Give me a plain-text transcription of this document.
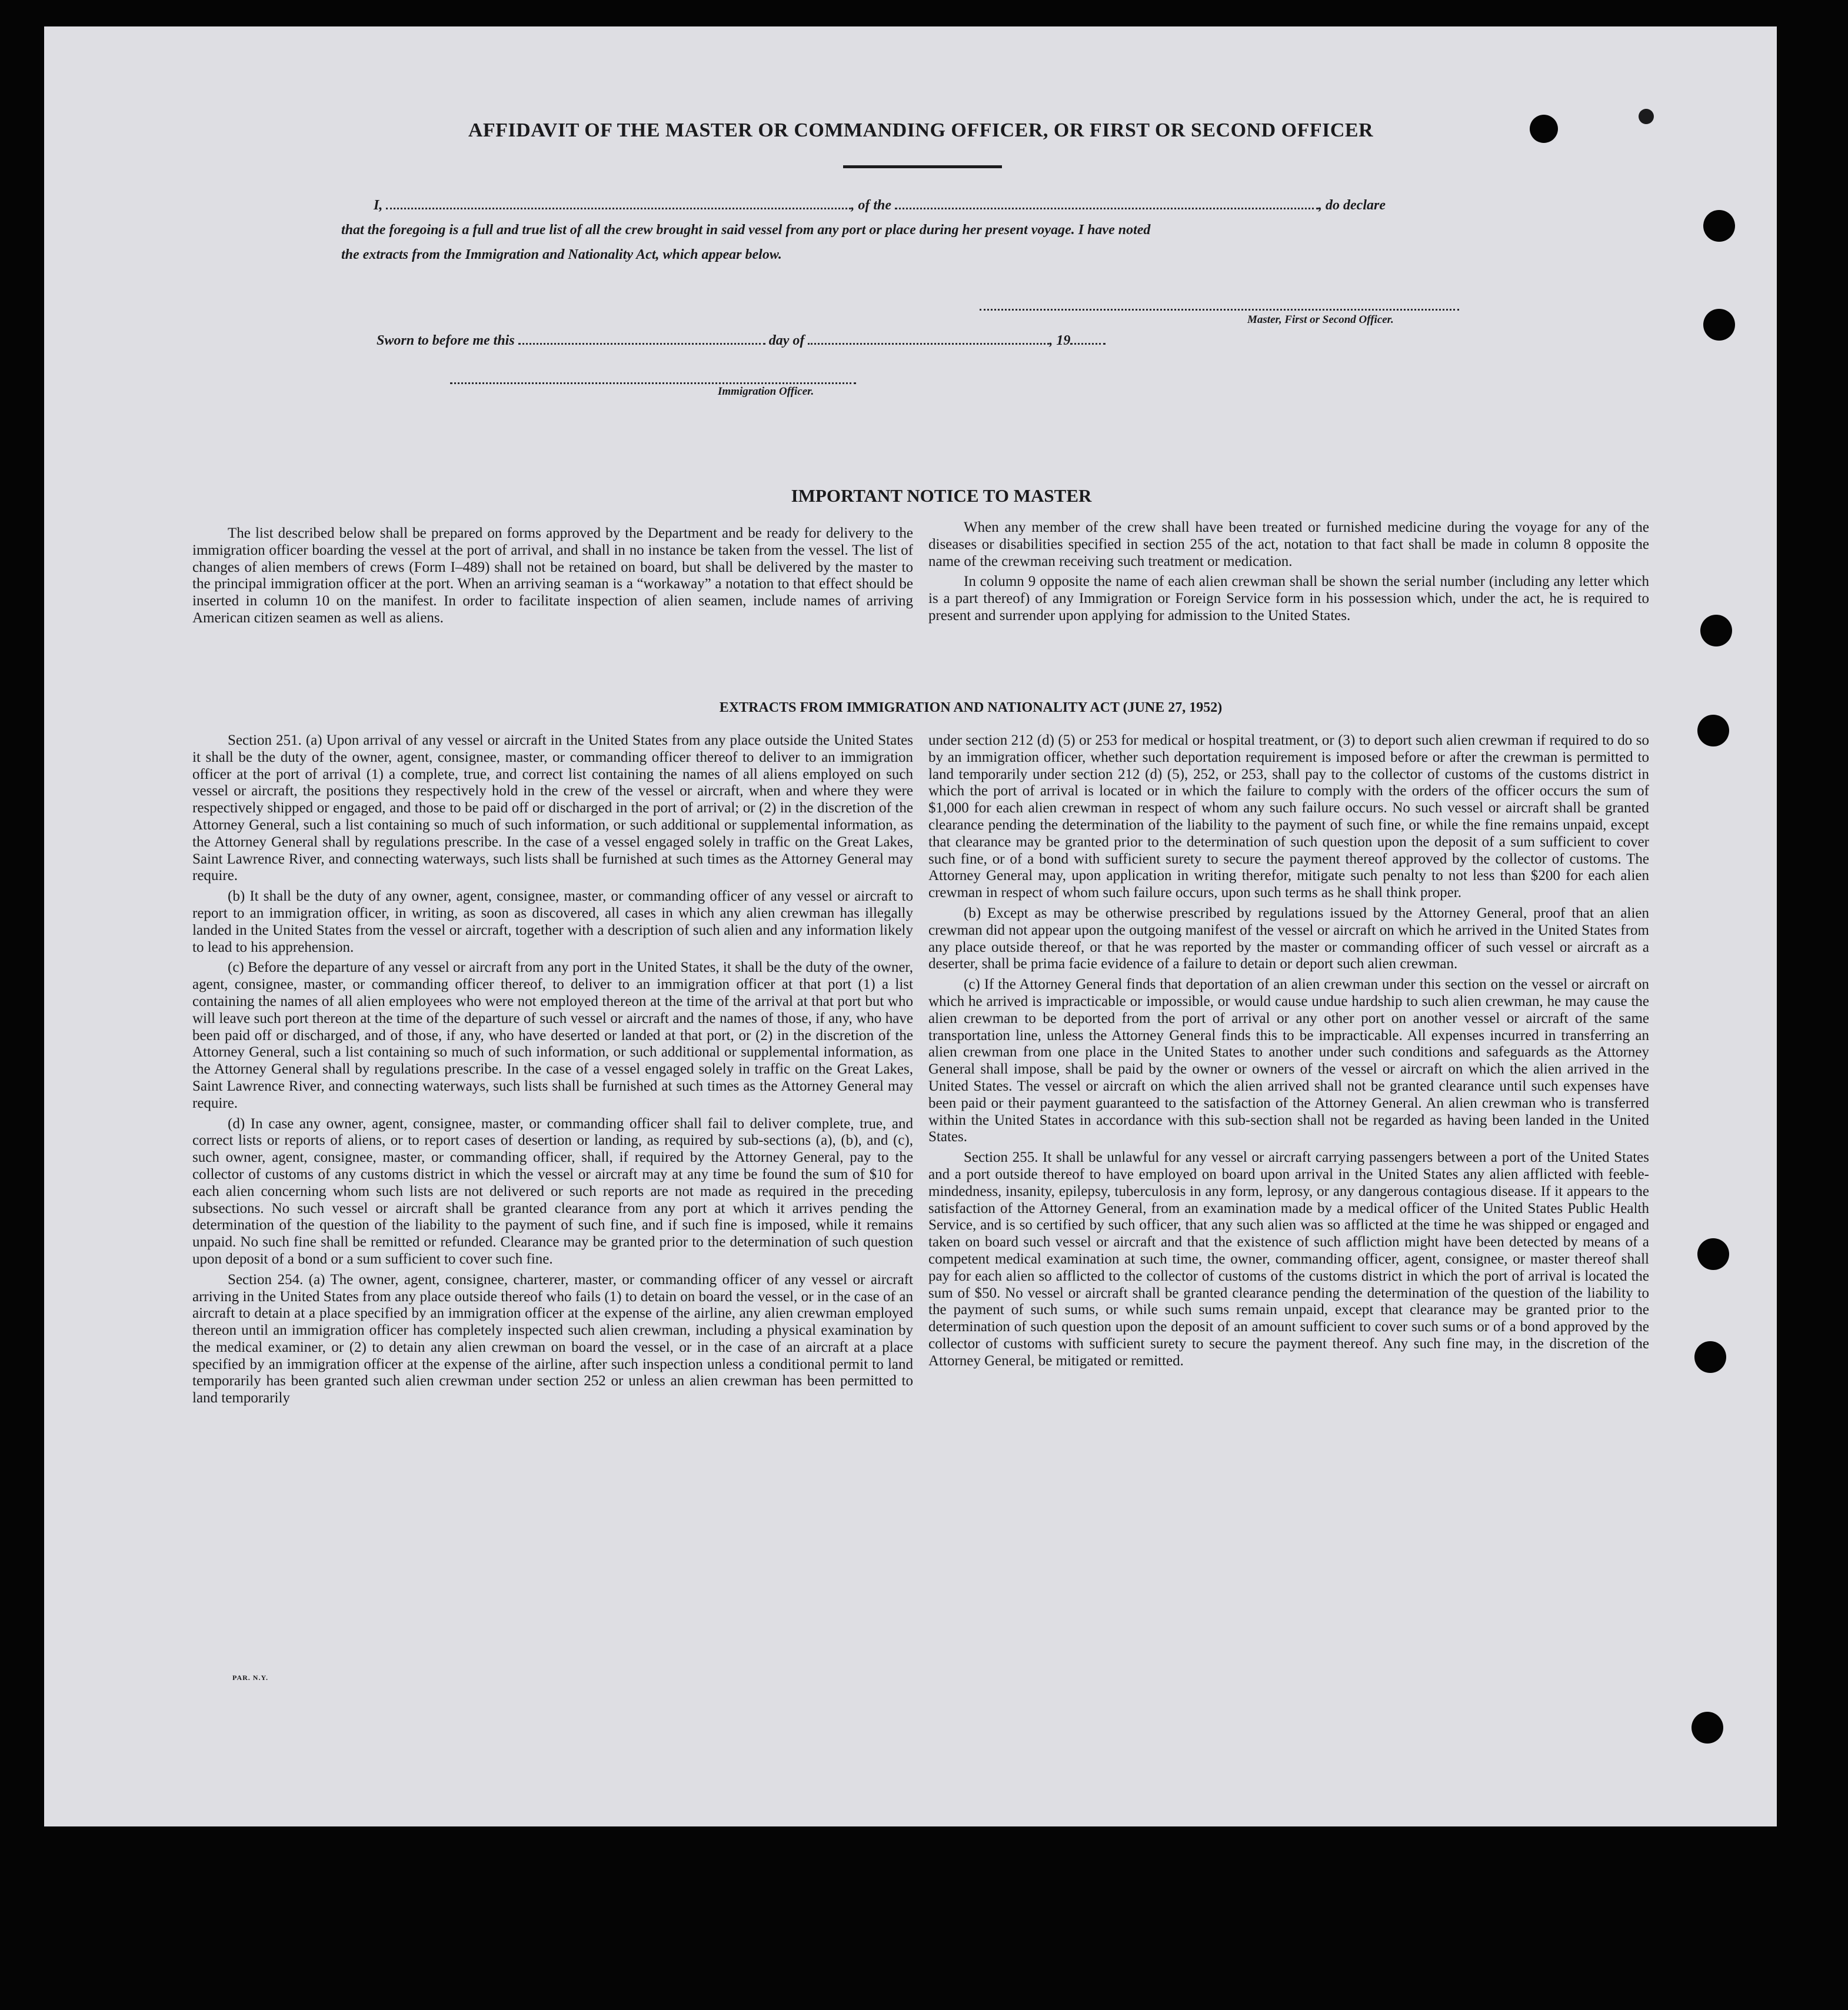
AFFIDAVIT OF THE MASTER OR COMMANDING OFFICER, OR FIRST OR SECOND OFFICER
I,	, of the	, do declare
that the foregoing is a full and true list of all the crew brought in said vessel from any port or place during her present voyage. I have noted
the extracts from the Immigration and Nationality Act, which appear below.
Master, First or Second Officer.
Sworn to before me this	day of	, 19
Immigration Officer.
IMPORTANT NOTICE TO MASTER

The list described below shall be prepared on forms approved by the Department and be ready for delivery to the immigration officer boarding the vessel at the port of arrival, and shall in no instance be taken from the vessel. The list of changes of alien members of crews (Form I–489) shall not be retained on board, but shall be delivered by the master to the principal immigration officer at the port. When an arriving seaman is a “workaway” a notation to that effect should be inserted in column 10 on the manifest. In order to facilitate inspection of alien seamen, include names of arriving American citizen seamen as well as aliens.

When any member of the crew shall have been treated or furnished medicine during the voyage for any of the diseases or disabilities specified in section 255 of the act, notation to that fact shall be made in column 8 opposite the name of the crewman receiving such treatment or medication.

In column 9 opposite the name of each alien crewman shall be shown the serial number (including any letter which is a part thereof) of any Immigration or Foreign Service form in his possession which, under the act, he is required to present and surrender upon applying for admission to the United States.

EXTRACTS FROM IMMIGRATION AND NATIONALITY ACT (JUNE 27, 1952)

Section 251. (a) Upon arrival of any vessel or aircraft in the United States from any place outside the United States it shall be the duty of the owner, agent, consignee, master, or commanding officer thereof to deliver to an immigration officer at the port of arrival (1) a complete, true, and correct list containing the names of all aliens employed on such vessel or aircraft, the positions they respectively hold in the crew of the vessel or aircraft, when and where they were respectively shipped or engaged, and those to be paid off or discharged in the port of arrival; or (2) in the discretion of the Attorney General, such a list containing so much of such information, or such additional or supplemental information, as the Attorney General shall by regulations prescribe. In the case of a vessel engaged solely in traffic on the Great Lakes, Saint Lawrence River, and connecting waterways, such lists shall be furnished at such times as the Attorney General may require.

(b) It shall be the duty of any owner, agent, consignee, master, or commanding officer of any vessel or aircraft to report to an immigration officer, in writing, as soon as discovered, all cases in which any alien crewman has illegally landed in the United States from the vessel or aircraft, together with a description of such alien and any information likely to lead to his apprehension.

(c) Before the departure of any vessel or aircraft from any port in the United States, it shall be the duty of the owner, agent, consignee, master, or commanding officer thereof, to deliver to an immigration officer at that port (1) a list containing the names of all alien employees who were not employed thereon at the time of the arrival at that port but who will leave such port thereon at the time of the departure of such vessel or aircraft and the names of those, if any, who have been paid off or discharged, and of those, if any, who have deserted or landed at that port, or (2) in the discretion of the Attorney General, such a list containing so much of such information, or such additional or supplemental information, as the Attorney General shall by regulations prescribe. In the case of a vessel engaged solely in traffic on the Great Lakes, Saint Lawrence River, and connecting waterways, such lists shall be furnished at such times as the Attorney General may require.

(d) In case any owner, agent, consignee, master, or commanding officer shall fail to deliver complete, true, and correct lists or reports of aliens, or to report cases of desertion or landing, as required by sub-sections (a), (b), and (c), such owner, agent, consignee, master, or commanding officer, shall, if required by the Attorney General, pay to the collector of customs of any customs district in which the vessel or aircraft may at any time be found the sum of $10 for each alien concerning whom such lists are not delivered or such reports are not made as required in the preceding subsections. No such vessel or aircraft shall be granted clearance from any port at which it arrives pending the determination of the question of the liability to the payment of such fine, and if such fine is imposed, while it remains unpaid. No such fine shall be remitted or refunded. Clearance may be granted prior to the determination of such question upon deposit of a bond or a sum sufficient to cover such fine.

Section 254. (a) The owner, agent, consignee, charterer, master, or commanding officer of any vessel or aircraft arriving in the United States from any place outside thereof who fails (1) to detain on board the vessel, or in the case of an aircraft to detain at a place specified by an immigration officer at the expense of the airline, any alien crewman employed thereon until an immigration officer has completely inspected such alien crewman, including a physical examination by the medical examiner, or (2) to detain any alien crewman on board the vessel, or in the case of an aircraft at a place specified by an immigration officer at the expense of the airline, after such inspection unless a conditional permit to land temporarily has been granted such alien crewman under section 252 or unless an alien crewman has been permitted to land temporarily

under section 212 (d) (5) or 253 for medical or hospital treatment, or (3) to deport such alien crewman if required to do so by an immigration officer, whether such deportation requirement is imposed before or after the crewman is permitted to land temporarily under section 212 (d) (5), 252, or 253, shall pay to the collector of customs of the customs district in which the port of arrival is located or in which the failure to comply with the orders of the officer occurs the sum of $1,000 for each alien crewman in respect of whom any such failure occurs. No such vessel or aircraft shall be granted clearance pending the determination of the liability to the payment of such fine, or while the fine remains unpaid, except that clearance may be granted prior to the determination of such question upon the deposit of a sum sufficient to cover such fine, or of a bond with sufficient surety to secure the payment thereof approved by the collector of customs. The Attorney General may, upon application in writing therefor, mitigate such penalty to not less than $200 for each alien crewman in respect of whom such failure occurs, upon such terms as he shall think proper.

(b) Except as may be otherwise prescribed by regulations issued by the Attorney General, proof that an alien crewman did not appear upon the outgoing manifest of the vessel or aircraft on which he arrived in the United States from any place outside thereof, or that he was reported by the master or commanding officer of such vessel or aircraft as a deserter, shall be prima facie evidence of a failure to detain or deport such alien crewman.

(c) If the Attorney General finds that deportation of an alien crewman under this section on the vessel or aircraft on which he arrived is impracticable or impossible, or would cause undue hardship to such alien crewman, he may cause the alien crewman to be deported from the port of arrival or any other port on another vessel or aircraft of the same transportation line, unless the Attorney General finds this to be impracticable. All expenses incurred in transferring an alien crewman from one place in the United States to another under such conditions and safeguards as the Attorney General shall impose, shall be paid by the owner or owners of the vessel or aircraft on which the alien arrived in the United States. The vessel or aircraft on which the alien arrived shall not be granted clearance until such expenses have been paid or their payment guaranteed to the satisfaction of the Attorney General. An alien crewman who is transferred within the United States in accordance with this sub-section shall not be regarded as having been landed in the United States.

Section 255. It shall be unlawful for any vessel or aircraft carrying passengers between a port of the United States and a port outside thereof to have employed on board upon arrival in the United States any alien afflicted with feeble-mindedness, insanity, epilepsy, tuberculosis in any form, leprosy, or any dangerous contagious disease. If it appears to the satisfaction of the Attorney General, from an examination made by a medical officer of the United States Public Health Service, and is so certified by such officer, that any such alien was so afflicted at the time he was shipped or engaged and taken on board such vessel or aircraft and that the existence of such affliction might have been detected by means of a competent medical examination at such time, the owner, commanding officer, agent, consignee, or master thereof shall pay for each alien so afflicted to the collector of customs of the customs district in which the port of arrival is located the sum of $50. No vessel or aircraft shall be granted clearance pending the determination of the question of the liability to the payment of such sums, or while such sums remain unpaid, except that clearance may be granted prior to the determination of such question upon the deposit of an amount sufficient to cover such sums or of a bond approved by the collector of customs with sufficient surety to secure the payment thereof. Any such fine may, in the discretion of the Attorney General, be mitigated or remitted.

PAR. N.Y.
